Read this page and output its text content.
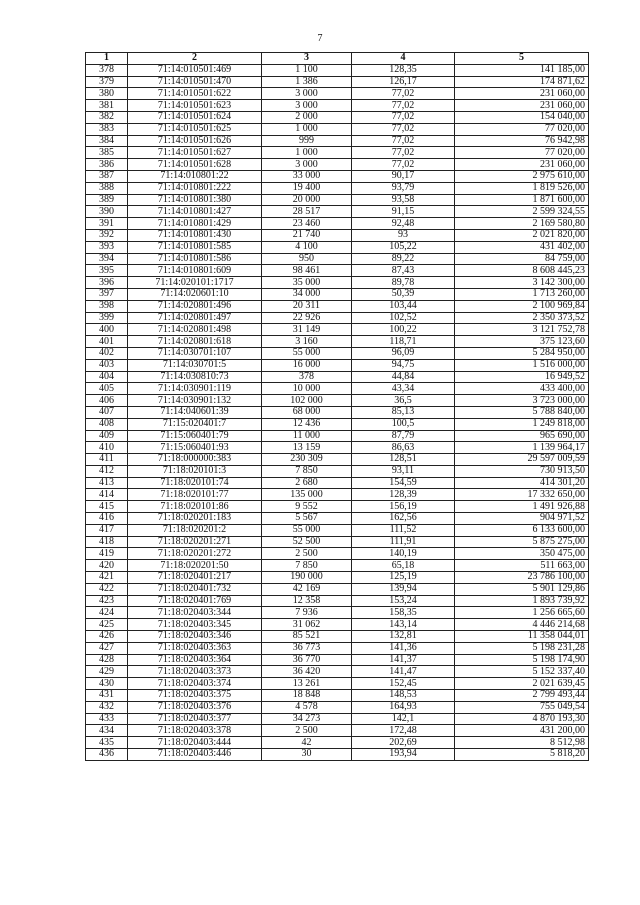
7
1	2	3	4	5
378	71:14:010501:469	1 100	128,35	141 185,00
379	71:14:010501:470	1 386	126,17	174 871,62
380	71:14:010501:622	3 000	77,02	231 060,00
381	71:14:010501:623	3 000	77,02	231 060,00
382	71:14:010501:624	2 000	77,02	154 040,00
383	71:14:010501:625	1 000	77,02	77 020,00
384	71:14:010501:626	999	77,02	76 942,98
385	71:14:010501:627	1 000	77,02	77 020,00
386	71:14:010501:628	3 000	77,02	231 060,00
387	71:14:010801:22	33 000	90,17	2 975 610,00
388	71:14:010801:222	19 400	93,79	1 819 526,00
389	71:14:010801:380	20 000	93,58	1 871 600,00
390	71:14:010801:427	28 517	91,15	2 599 324,55
391	71:14:010801:429	23 460	92,48	2 169 580,80
392	71:14:010801:430	21 740	93	2 021 820,00
393	71:14:010801:585	4 100	105,22	431 402,00
394	71:14:010801:586	950	89,22	84 759,00
395	71:14:010801:609	98 461	87,43	8 608 445,23
396	71:14:020101:1717	35 000	89,78	3 142 300,00
397	71:14:020601:10	34 000	50,39	1 713 260,00
398	71:14:020801:496	20 311	103,44	2 100 969,84
399	71:14:020801:497	22 926	102,52	2 350 373,52
400	71:14:020801:498	31 149	100,22	3 121 752,78
401	71:14:020801:618	3 160	118,71	375 123,60
402	71:14:030701:107	55 000	96,09	5 284 950,00
403	71:14:030701:5	16 000	94,75	1 516 000,00
404	71:14:030810:73	378	44,84	16 949,52
405	71:14:030901:119	10 000	43,34	433 400,00
406	71:14:030901:132	102 000	36,5	3 723 000,00
407	71:14:040601:39	68 000	85,13	5 788 840,00
408	71:15:020401:7	12 436	100,5	1 249 818,00
409	71:15:060401:79	11 000	87,79	965 690,00
410	71:15:060401:93	13 159	86,63	1 139 964,17
411	71:18:000000:383	230 309	128,51	29 597 009,59
412	71:18:020101:3	7 850	93,11	730 913,50
413	71:18:020101:74	2 680	154,59	414 301,20
414	71:18:020101:77	135 000	128,39	17 332 650,00
415	71:18:020101:86	9 552	156,19	1 491 926,88
416	71:18:020201:183	5 567	162,56	904 971,52
417	71:18:020201:2	55 000	111,52	6 133 600,00
418	71:18:020201:271	52 500	111,91	5 875 275,00
419	71:18:020201:272	2 500	140,19	350 475,00
420	71:18:020201:50	7 850	65,18	511 663,00
421	71:18:020401:217	190 000	125,19	23 786 100,00
422	71:18:020401:732	42 169	139,94	5 901 129,86
423	71:18:020401:769	12 358	153,24	1 893 739,92
424	71:18:020403:344	7 936	158,35	1 256 665,60
425	71:18:020403:345	31 062	143,14	4 446 214,68
426	71:18:020403:346	85 521	132,81	11 358 044,01
427	71:18:020403:363	36 773	141,36	5 198 231,28
428	71:18:020403:364	36 770	141,37	5 198 174,90
429	71:18:020403:373	36 420	141,47	5 152 337,40
430	71:18:020403:374	13 261	152,45	2 021 639,45
431	71:18:020403:375	18 848	148,53	2 799 493,44
432	71:18:020403:376	4 578	164,93	755 049,54
433	71:18:020403:377	34 273	142,1	4 870 193,30
434	71:18:020403:378	2 500	172,48	431 200,00
435	71:18:020403:444	42	202,69	8 512,98
436	71:18:020403:446	30	193,94	5 818,20
